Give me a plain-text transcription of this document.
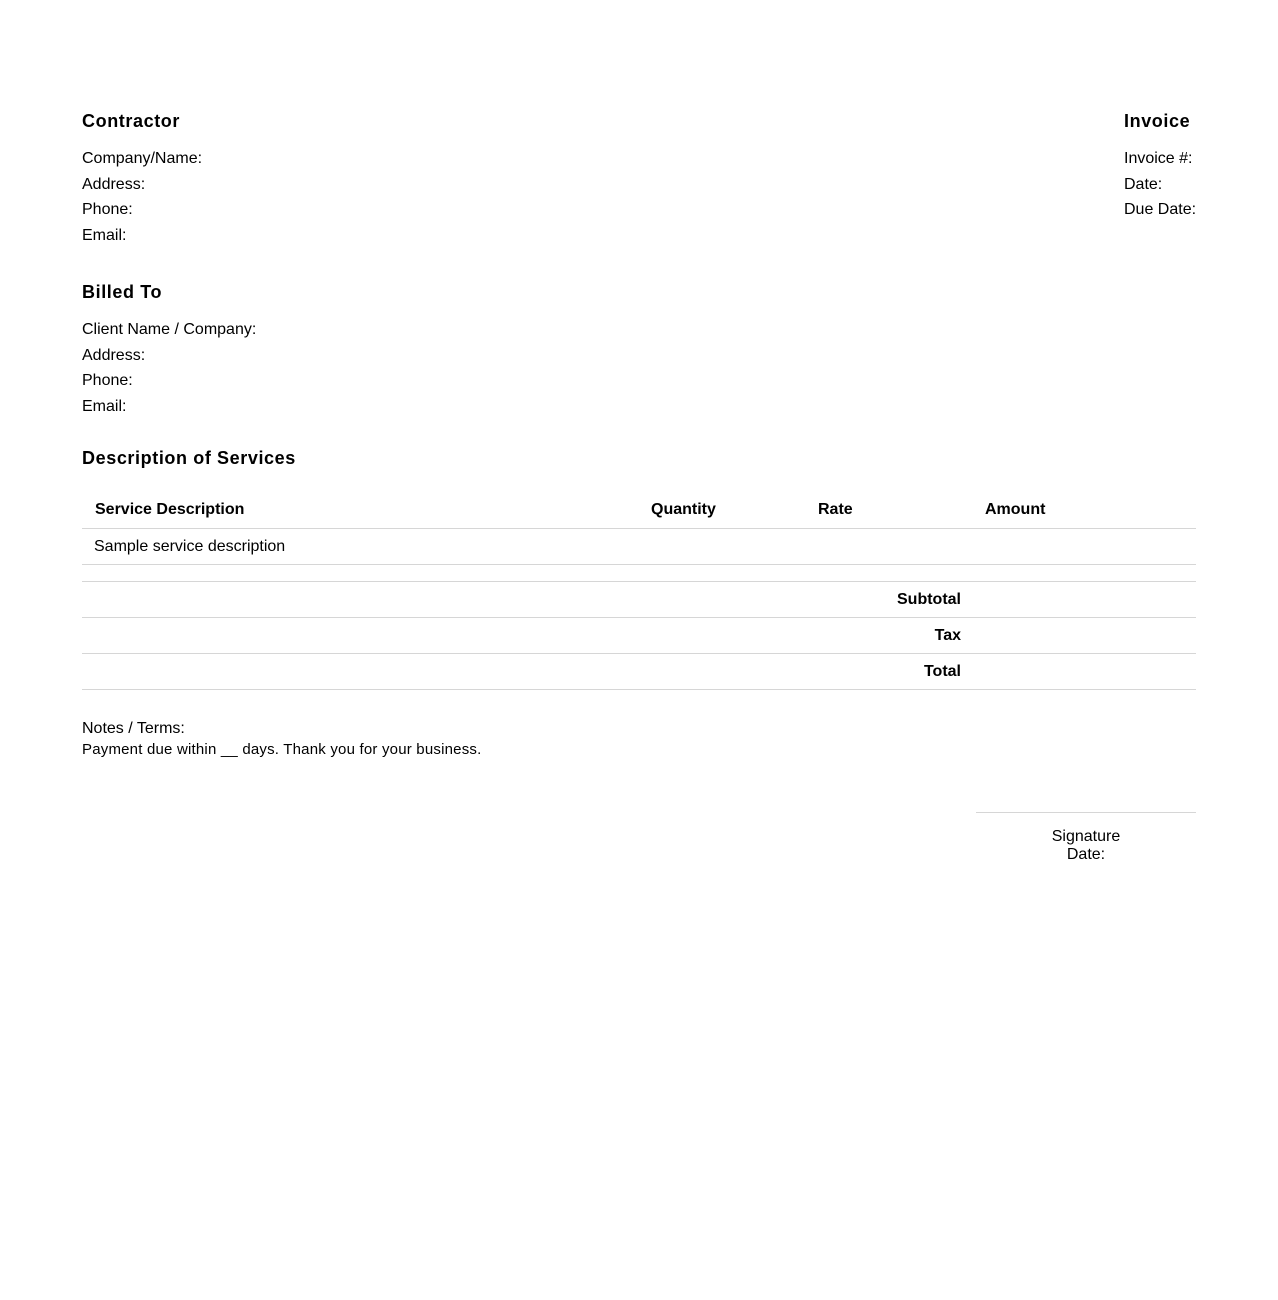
Contractor
Company/Name:
Address:
Phone:
Email:
Invoice
Invoice #:
Date:
Due Date:
Billed To
Client Name / Company:
Address:
Phone:
Email:
Description of Services
Service Description	Quantity	Rate	Amount
Sample service description
Subtotal
Tax
Total
Notes / Terms:
Payment due within __ days. Thank you for your business.
Signature
Date:
